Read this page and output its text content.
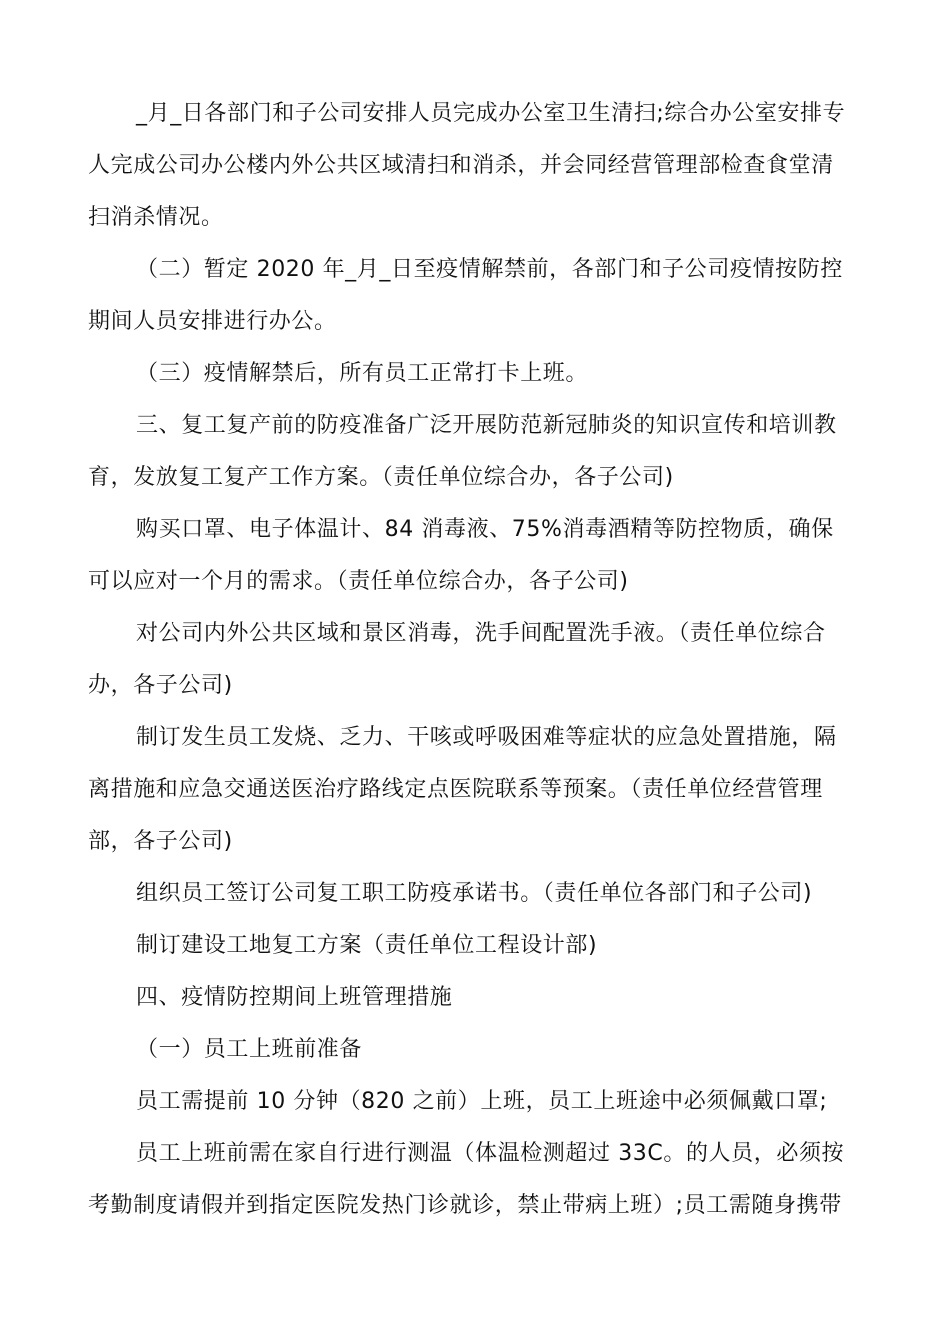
_月_日各部门和子公司安排人员完成办公室卫生清扫;综合办公室安排专
人完成公司办公楼内外公共区域清扫和消杀，并会同经营管理部检查食堂清
扫消杀情况。
（二）暂定 2020 年_月_日至疫情解禁前，各部门和子公司疫情按防控
期间人员安排进行办公。
（三）疫情解禁后，所有员工正常打卡上班。
三、复工复产前的防疫准备广泛开展防范新冠肺炎的知识宣传和培训教
育，发放复工复产工作方案。（责任单位综合办，各子公司)
购买口罩、电子体温计、84 消毒液、75%消毒酒精等防控物质，确保
可以应对一个月的需求。（责任单位综合办，各子公司)
对公司内外公共区域和景区消毒，洗手间配置洗手液。（责任单位综合
办，各子公司)
制订发生员工发烧、乏力、干咳或呼吸困难等症状的应急处置措施，隔
离措施和应急交通送医治疗路线定点医院联系等预案。（责任单位经营管理
部，各子公司)
组织员工签订公司复工职工防疫承诺书。（责任单位各部门和子公司)
制订建设工地复工方案（责任单位工程设计部)
四、疫情防控期间上班管理措施
（一）员工上班前准备
员工需提前 10 分钟（820 之前）上班，员工上班途中必须佩戴口罩;
员工上班前需在家自行进行测温（体温检测超过 33C。的人员，必须按
考勤制度请假并到指定医院发热门诊就诊，禁止带病上班）;员工需随身携带
